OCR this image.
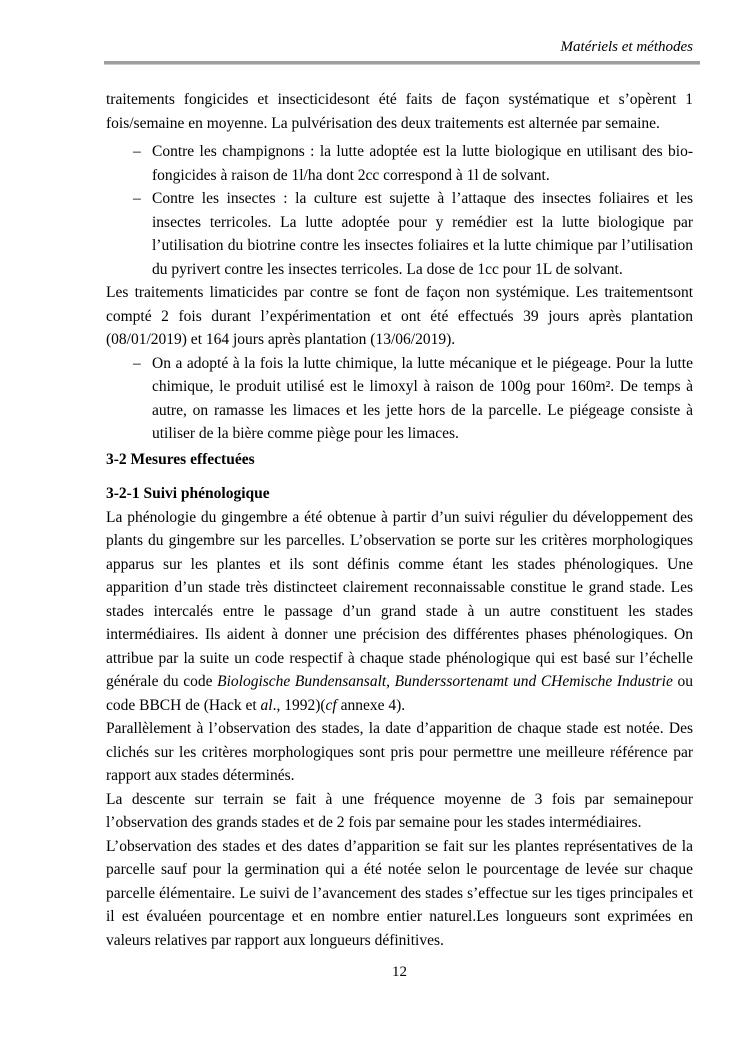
Matériels et méthodes

traitements fongicides et insecticidesont été faits de façon systématique et s’opèrent 1 fois/semaine en moyenne. La pulvérisation des deux traitements est alternée par semaine.

– Contre les champignons : la lutte adoptée est la lutte biologique en utilisant des bio-fongicides à raison de 1l/ha dont 2cc correspond à 1l de solvant.
– Contre les insectes : la culture est sujette à l’attaque des insectes foliaires et les insectes terricoles. La lutte adoptée pour y remédier est la lutte biologique par l’utilisation du biotrine contre les insectes foliaires et la lutte chimique par l’utilisation du pyrivert contre les insectes terricoles. La dose de 1cc pour 1L de solvant.

Les traitements limaticides par contre se font de façon non systémique. Les traitementsont compté 2 fois durant l’expérimentation et ont été effectués 39 jours après plantation (08/01/2019) et 164 jours après plantation (13/06/2019).

– On a adopté à la fois la lutte chimique, la lutte mécanique et le piégeage. Pour la lutte chimique, le produit utilisé est le limoxyl à raison de 100g pour 160m². De temps à autre, on ramasse les limaces et les jette hors de la parcelle. Le piégeage consiste à utiliser de la bière comme piège pour les limaces.
3-2 Mesures effectuées
3-2-1 Suivi phénologique

La phénologie du gingembre a été obtenue à partir d’un suivi régulier du développement des plants du gingembre sur les parcelles. L’observation se porte sur les critères morphologiques apparus sur les plantes et ils sont définis comme étant les stades phénologiques. Une apparition d’un stade très distincteet clairement reconnaissable constitue le grand stade. Les stades intercalés entre le passage d’un grand stade à un autre constituent les stades intermédiaires. Ils aident à donner une précision des différentes phases phénologiques. On attribue par la suite un code respectif à chaque stade phénologique qui est basé sur l’échelle générale du code Biologische Bundensansalt, Bunderssortenamt und CHemische Industrie ou code BBCH de (Hack et al., 1992)(cf annexe 4).

Parallèlement à l’observation des stades, la date d’apparition de chaque stade est notée. Des clichés sur les critères morphologiques sont pris pour permettre une meilleure référence par rapport aux stades déterminés.

La descente sur terrain se fait à une fréquence moyenne de 3 fois par semainepour l’observation des grands stades et de 2 fois par semaine pour les stades intermédiaires.

L’observation des stades et des dates d’apparition se fait sur les plantes représentatives de la parcelle sauf pour la germination qui a été notée selon le pourcentage de levée sur chaque parcelle élémentaire. Le suivi de l’avancement des stades s’effectue sur les tiges principales et il est évaluéen pourcentage et en nombre entier naturel.Les longueurs sont exprimées en valeurs relatives par rapport aux longueurs définitives.

12
